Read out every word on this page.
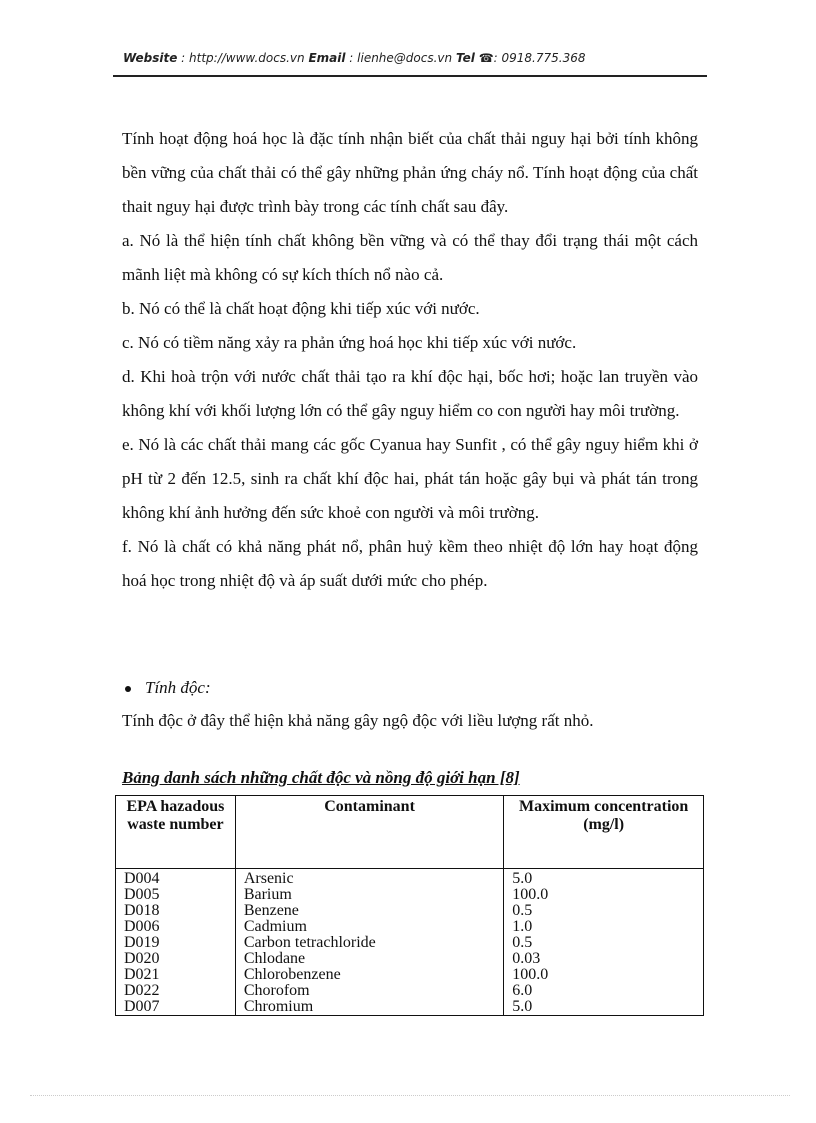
Website : http://www.docs.vn Email : lienhe@docs.vn Tel ☎: 0918.775.368

Tính hoạt động hoá học là đặc tính nhận biết của chất thải nguy hại bởi tính không bền vững của chất thải có thể gây những phản ứng cháy nổ. Tính hoạt động của chất thait nguy hại được trình bày trong các tính chất sau đây.

a. Nó là thể hiện tính chất không bền vững và có thể thay đổi trạng thái một cách mãnh liệt mà không có sự kích thích nổ nào cả.

b. Nó có thể là chất hoạt động khi tiếp xúc với nước.

c. Nó có tiềm năng xảy ra phản ứng hoá học khi tiếp xúc với nước.

d. Khi hoà trộn với nước chất thải tạo ra khí độc hại, bốc hơi; hoặc lan truyền vào không khí với khối lượng lớn có thể gây nguy hiểm co con người hay môi trường.

e. Nó là các chất thải mang các gốc Cyanua hay Sunfit , có thể gây nguy hiểm khi ở pH từ 2 đến 12.5, sinh ra chất khí độc hai, phát tán hoặc gây bụi và phát tán trong không khí ảnh hưởng đến sức khoẻ con người và môi trường.

f. Nó là chất có khả năng phát nổ, phân huỷ kềm theo nhiệt độ lớn hay hoạt động hoá học trong nhiệt độ và áp suất dưới mức cho phép.

Tính độc:
Tính độc ở đây thể hiện khả năng gây ngộ độc với liều lượng rất nhỏ.
Bảng danh sách những chất độc và nồng độ giới hạn [8]
EPA hazadous waste number	Contaminant	Maximum concentration (mg/l)
D004	Arsenic	5.0
D005	Barium	100.0
D018	Benzene	0.5
D006	Cadmium	1.0
D019	Carbon tetrachloride	0.5
D020	Chlodane	0.03
D021	Chlorobenzene	100.0
D022	Chorofom	6.0
D007	Chromium	5.0
